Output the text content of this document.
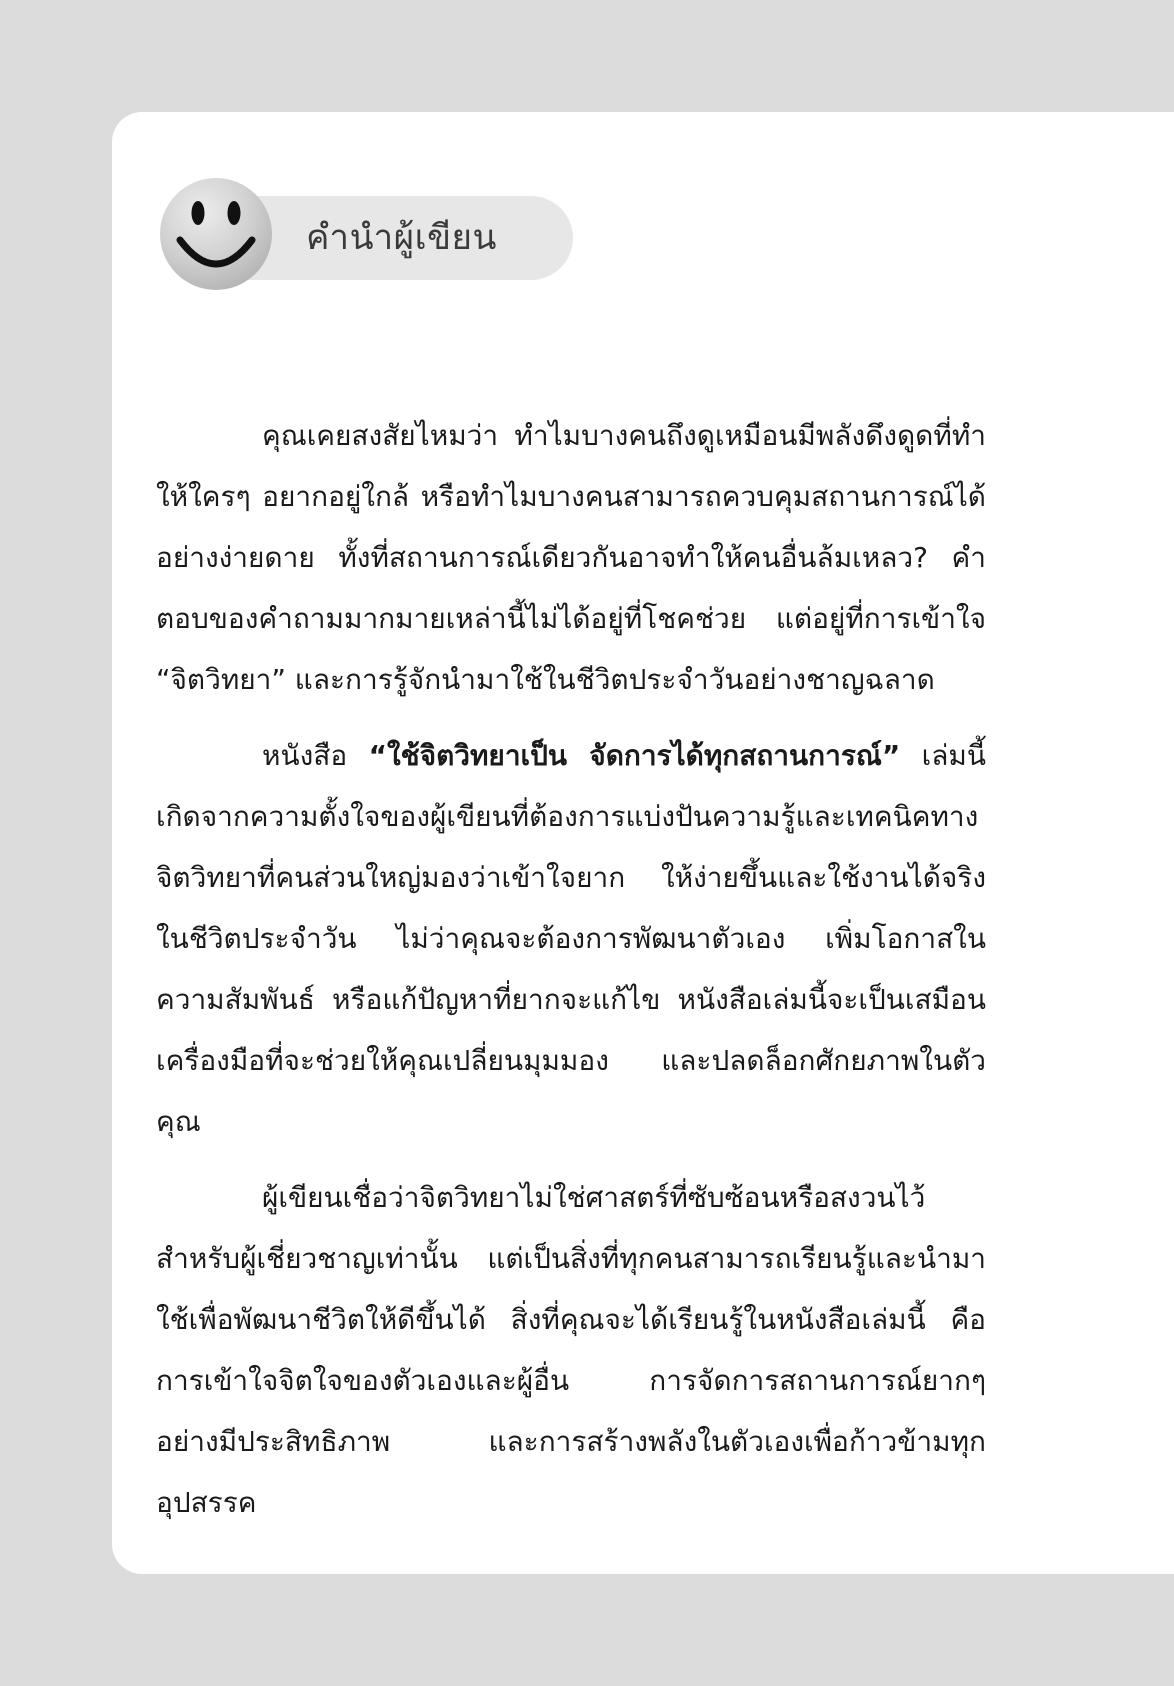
คำนำผู้เขียน

คุณเคยสงสัยไหมว่า ทำไมบางคนถึงดูเหมือนมีพลังดึงดูดที่ทำให้ใครๆ อยากอยู่ใกล้ หรือทำไมบางคนสามารถควบคุมสถานการณ์ได้อย่างง่ายดาย ทั้งที่สถานการณ์เดียวกันอาจทำให้คนอื่นล้มเหลว? คำตอบของคำถามมากมายเหล่านี้ไม่ได้อยู่ที่โชคช่วย แต่อยู่ที่การเข้าใจ “จิตวิทยา” และการรู้จักนำมาใช้ในชีวิตประจำวันอย่างชาญฉลาด

หนังสือ “ใช้จิตวิทยาเป็น จัดการได้ทุกสถานการณ์” เล่มนี้เกิดจากความตั้งใจของผู้เขียนที่ต้องการแบ่งปันความรู้และเทคนิคทางจิตวิทยาที่คนส่วนใหญ่มองว่าเข้าใจยาก ให้ง่ายขึ้นและใช้งานได้จริงในชีวิตประจำวัน ไม่ว่าคุณจะต้องการพัฒนาตัวเอง เพิ่มโอกาสในความสัมพันธ์ หรือแก้ปัญหาที่ยากจะแก้ไข หนังสือเล่มนี้จะเป็นเสมือนเครื่องมือที่จะช่วยให้คุณเปลี่ยนมุมมอง และปลดล็อกศักยภาพในตัวคุณ

ผู้เขียนเชื่อว่าจิตวิทยาไม่ใช่ศาสตร์ที่ซับซ้อนหรือสงวนไว้สำหรับผู้เชี่ยวชาญเท่านั้น แต่เป็นสิ่งที่ทุกคนสามารถเรียนรู้และนำมาใช้เพื่อพัฒนาชีวิตให้ดีขึ้นได้ สิ่งที่คุณจะได้เรียนรู้ในหนังสือเล่มนี้ คือ การเข้าใจจิตใจของตัวเองและผู้อื่น การจัดการสถานการณ์ยากๆ อย่างมีประสิทธิภาพ และการสร้างพลังในตัวเองเพื่อก้าวข้ามทุกอุปสรรค
